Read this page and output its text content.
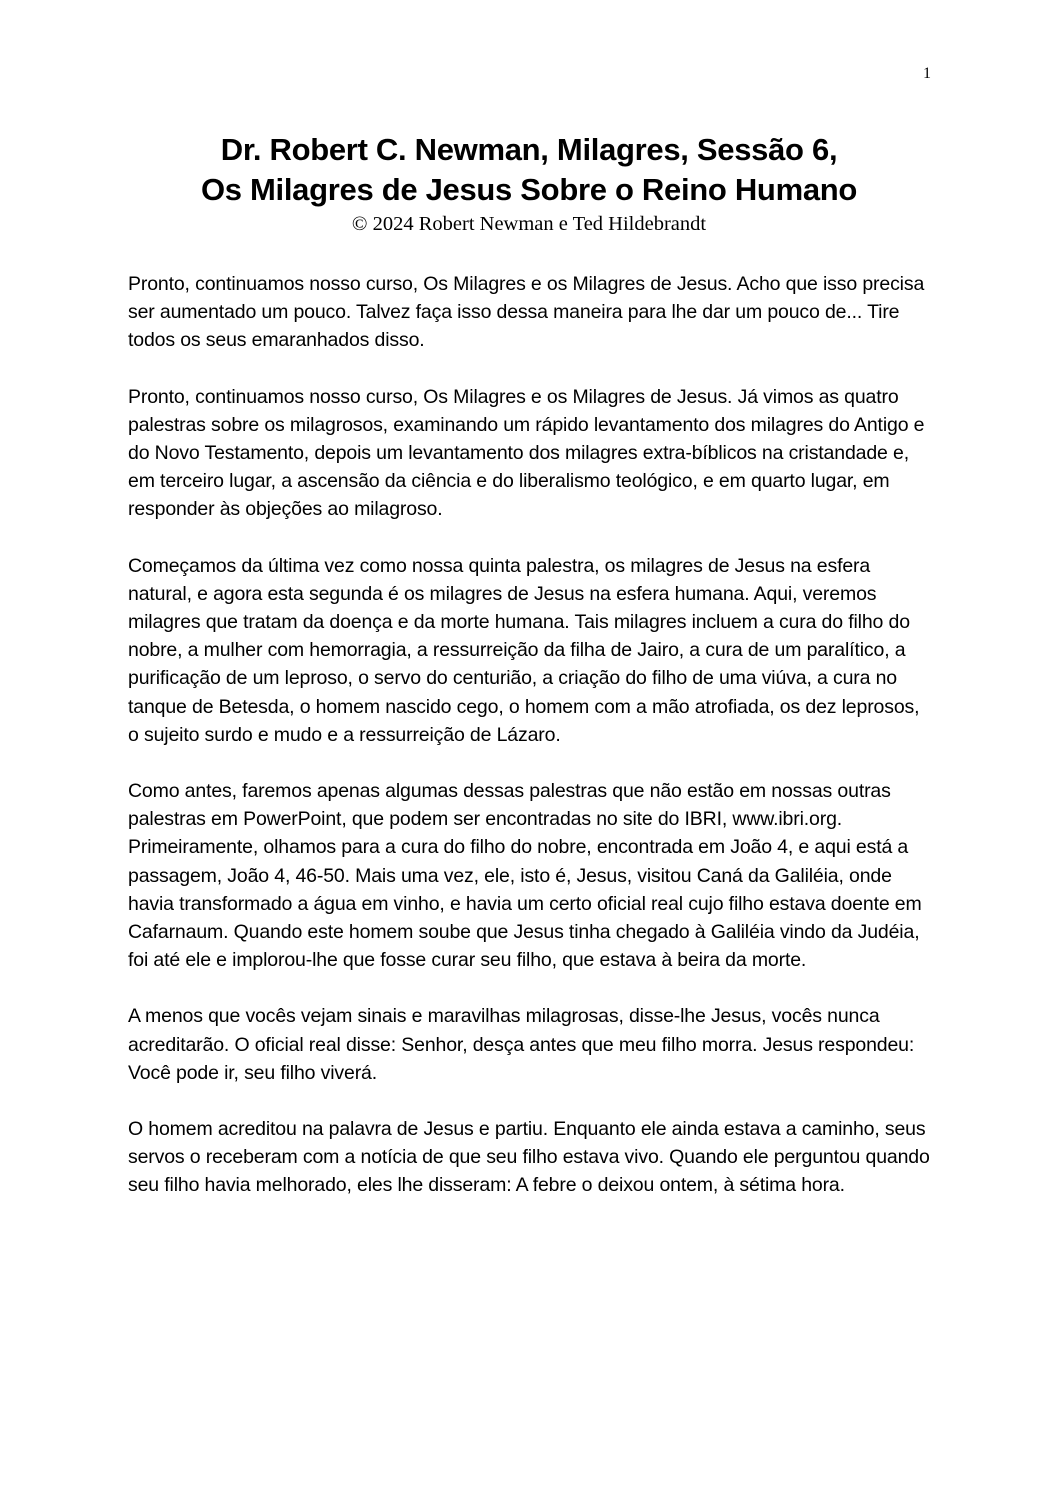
1
Dr. Robert C. Newman, Milagres, Sessão 6,
Os Milagres de Jesus Sobre o Reino Humano
© 2024 Robert Newman e Ted Hildebrandt

Pronto, continuamos nosso curso, Os Milagres e os Milagres de Jesus. Acho que isso precisa ser aumentado um pouco. Talvez faça isso dessa maneira para lhe dar um pouco de... Tire todos os seus emaranhados disso.

Pronto, continuamos nosso curso, Os Milagres e os Milagres de Jesus. Já vimos as quatro palestras sobre os milagrosos, examinando um rápido levantamento dos milagres do Antigo e do Novo Testamento, depois um levantamento dos milagres extra-bíblicos na cristandade e, em terceiro lugar, a ascensão da ciência e do liberalismo teológico, e em quarto lugar, em responder às objeções ao milagroso.

Começamos da última vez como nossa quinta palestra, os milagres de Jesus na esfera natural, e agora esta segunda é os milagres de Jesus na esfera humana. Aqui, veremos milagres que tratam da doença e da morte humana. Tais milagres incluem a cura do filho do nobre, a mulher com hemorragia, a ressurreição da filha de Jairo, a cura de um paralítico, a purificação de um leproso, o servo do centurião, a criação do filho de uma viúva, a cura no tanque de Betesda, o homem nascido cego, o homem com a mão atrofiada, os dez leprosos, o sujeito surdo e mudo e a ressurreição de Lázaro.

Como antes, faremos apenas algumas dessas palestras que não estão em nossas outras palestras em PowerPoint, que podem ser encontradas no site do IBRI, www.ibri.org. Primeiramente, olhamos para a cura do filho do nobre, encontrada em João 4, e aqui está a passagem, João 4, 46-50. Mais uma vez, ele, isto é, Jesus, visitou Caná da Galiléia, onde havia transformado a água em vinho, e havia um certo oficial real cujo filho estava doente em Cafarnaum. Quando este homem soube que Jesus tinha chegado à Galiléia vindo da Judéia, foi até ele e implorou-lhe que fosse curar seu filho, que estava à beira da morte.

A menos que vocês vejam sinais e maravilhas milagrosas, disse-lhe Jesus, vocês nunca acreditarão. O oficial real disse: Senhor, desça antes que meu filho morra. Jesus respondeu: Você pode ir, seu filho viverá.

O homem acreditou na palavra de Jesus e partiu. Enquanto ele ainda estava a caminho, seus servos o receberam com a notícia de que seu filho estava vivo. Quando ele perguntou quando seu filho havia melhorado, eles lhe disseram: A febre o deixou ontem, à sétima hora.
